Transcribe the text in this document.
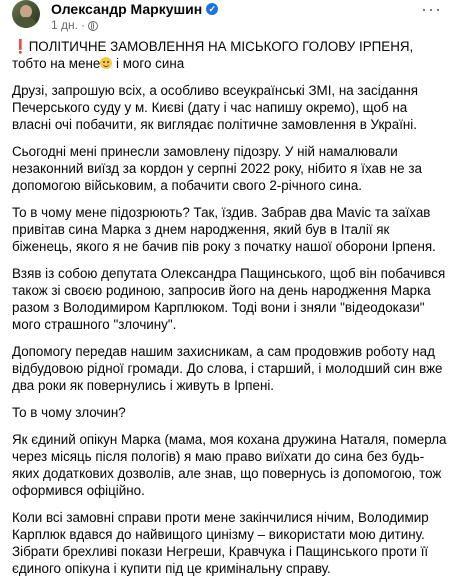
Олександр Маркушин ✓
1 дн. ·
···

❗ПОЛІТИЧНЕ ЗАМОВЛЕННЯ НА МІСЬКОГО ГОЛОВУ ІРПЕНЯ, тобто на мене і мого сина

Друзі, запрошую всіх, а особливо всеукраїнські ЗМІ, на засідання Печерського суду у м. Києві (дату і час напишу окремо), щоб на власні очі побачити, як виглядає політичне замовлення в Україні.

Сьогодні мені принесли замовлену підозру. У ній намалювали незаконний виїзд за кордон у серпні 2022 року, нібито я їхав не за допомогою військовим, а побачити свого 2-річного сина.

То в чому мене підозрюють? Так, їздив. Забрав два Mavic та заїхав привітав сина Марка з днем народження, який був в Італії як біженець, якого я не бачив пів року з початку нашої оборони Ірпеня.

Взяв із собою депутата Олександра Пащинського, щоб він побачився також зі своєю родиною, запросив його на день народження Марка разом з Володимиром Карплюком. Тоді вони і зняли "відеодокази" мого страшного "злочину".

Допомогу передав нашим захисникам, а сам продовжив роботу над відбудовою рідної громади. До слова, і старший, і молодший син вже два роки як повернулись і живуть в Ірпені.

То в чому злочин?

Як єдиний опікун Марка (мама, моя кохана дружина Наталя, померла через місяць після пологів) я маю право виїхати до сина без будь-яких додаткових дозволів, але знав, що повернусь із допомогою, тож оформився офіційно.

Коли всі замовні справи проти мене закінчилися нічим, Володимир Карплюк вдався до найвищого цинізму – використати мою дитину. Зібрати брехливі покази Негреши, Кравчука і Пащинського проти її єдиного опікуна і купити під це кримінальну справу.
